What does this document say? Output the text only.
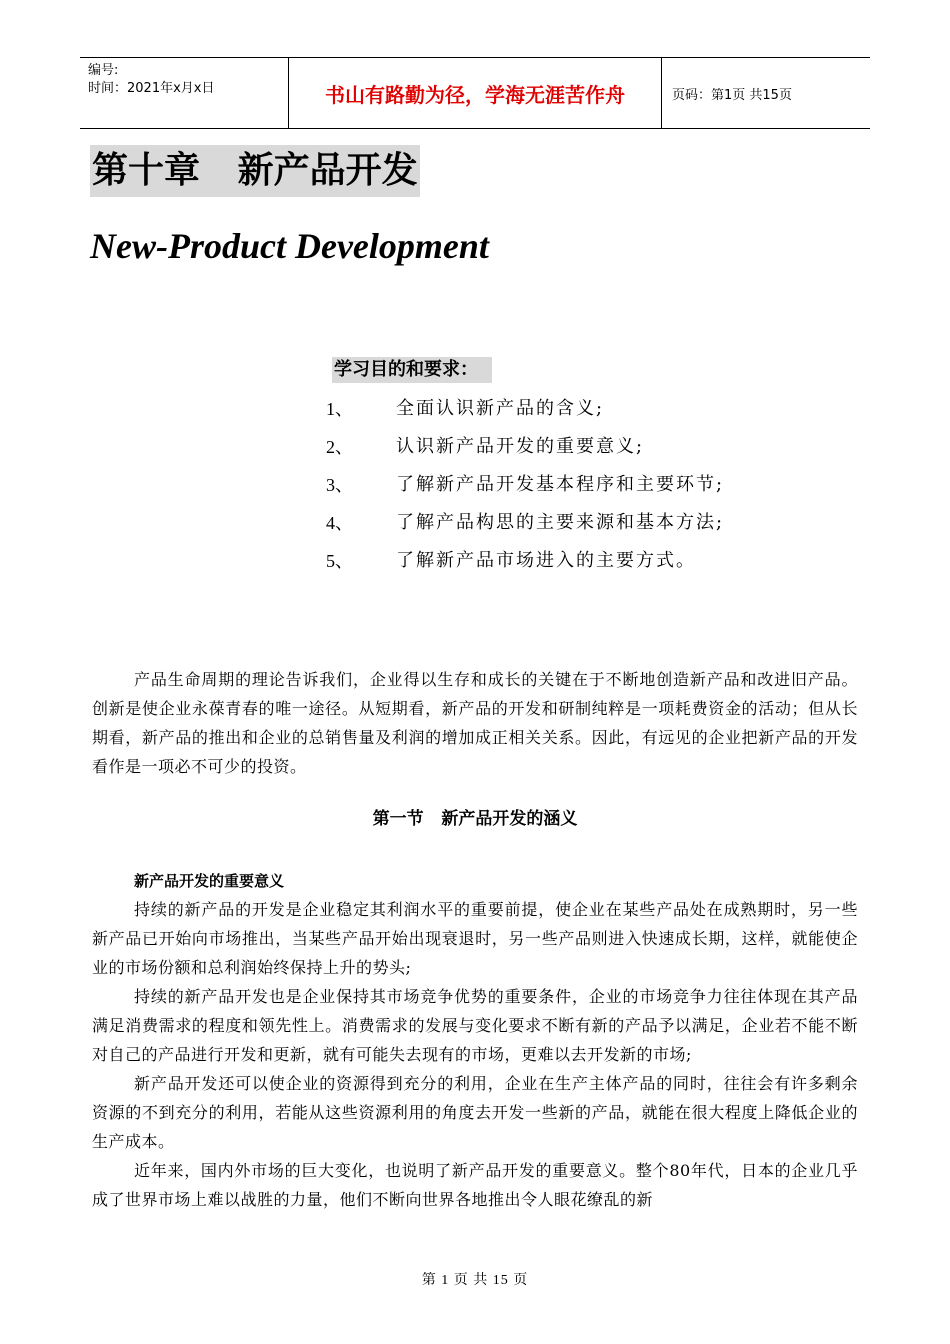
编号:
时间：2021年x月x日	书山有路勤为径，学海无涯苦作舟	页码：第1页 共15页
第十章   新产品开发
New-Product Development
学习目的和要求：
1、	全面认识新产品的含义;
2、	认识新产品开发的重要意义;
3、	了解新产品开发基本程序和主要环节;
4、	了解产品构思的主要来源和基本方法;
5、	了解新产品市场进入的主要方式。

产品生命周期的理论告诉我们，企业得以生存和成长的关键在于不断地创造新产品和改进旧产品。创新是使企业永葆青春的唯一途径。从短期看，新产品的开发和研制纯粹是一项耗费资金的活动；但从长期看，新产品的推出和企业的总销售量及利润的增加成正相关关系。因此，有远见的企业把新产品的开发看作是一项必不可少的投资。

第一节   新产品开发的涵义
新产品开发的重要意义

持续的新产品的开发是企业稳定其利润水平的重要前提，使企业在某些产品处在成熟期时，另一些新产品已开始向市场推出，当某些产品开始出现衰退时，另一些产品则进入快速成长期，这样，就能使企业的市场份额和总利润始终保持上升的势头;

持续的新产品开发也是企业保持其市场竞争优势的重要条件，企业的市场竞争力往往体现在其产品满足消费需求的程度和领先性上。消费需求的发展与变化要求不断有新的产品予以满足，企业若不能不断对自己的产品进行开发和更新，就有可能失去现有的市场，更难以去开发新的市场;

新产品开发还可以使企业的资源得到充分的利用，企业在生产主体产品的同时，往往会有许多剩余资源的不到充分的利用，若能从这些资源利用的角度去开发一些新的产品，就能在很大程度上降低企业的生产成本。

近年来，国内外市场的巨大变化，也说明了新产品开发的重要意义。整个80年代，日本的企业几乎成了世界市场上难以战胜的力量，他们不断向世界各地推出令人眼花缭乱的新

第 1 页 共 15 页
